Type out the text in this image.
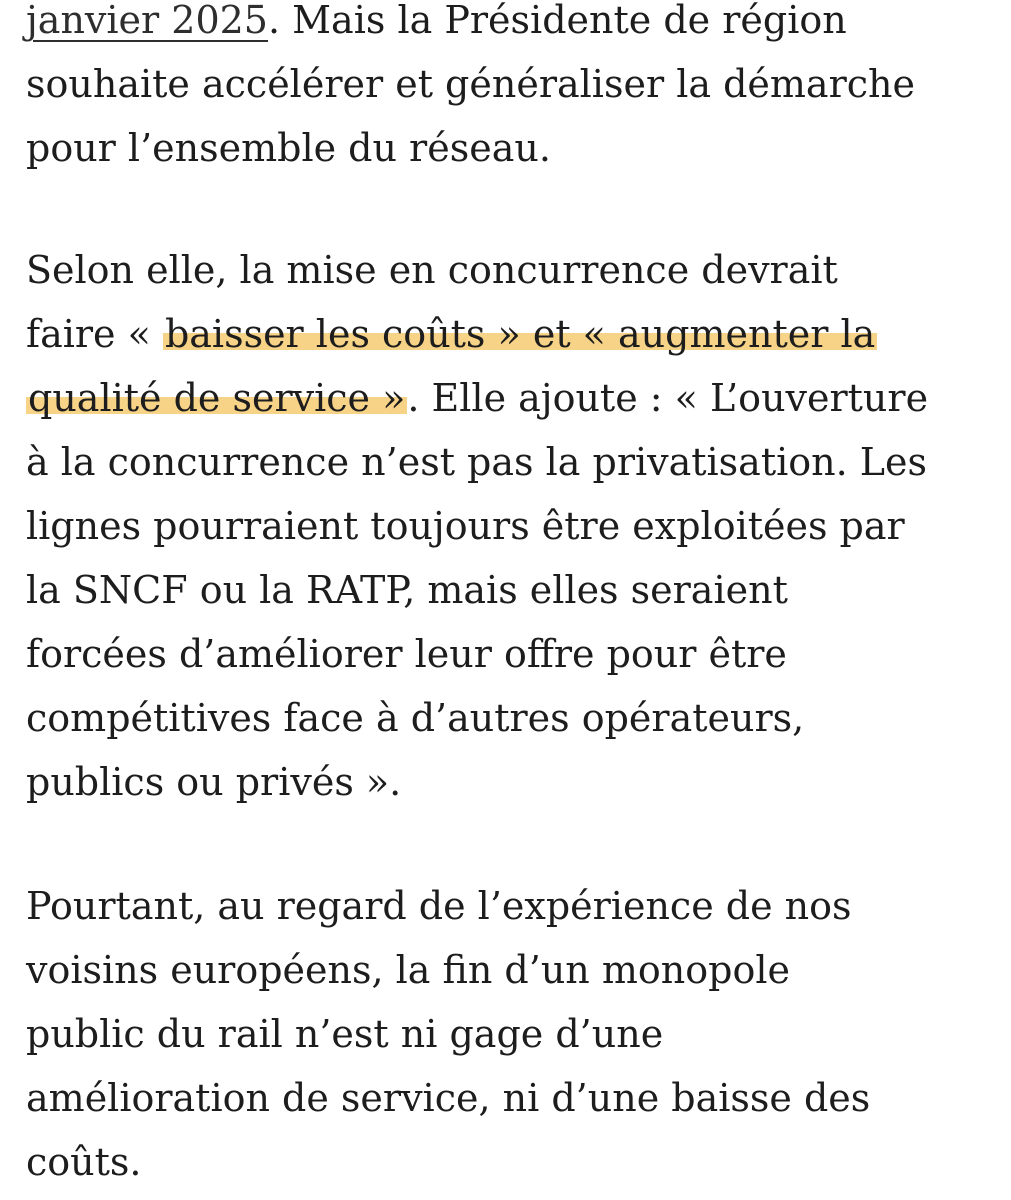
janvier 2025. Mais la Présidente de région
souhaite accélérer et généraliser la démarche
pour l’ensemble du réseau.

Selon elle, la mise en concurrence devrait
faire « baisser les coûts » et « augmenter la
qualité de service ». Elle ajoute : « L’ouverture
à la concurrence n’est pas la privatisation. Les
lignes pourraient toujours être exploitées par
la SNCF ou la RATP, mais elles seraient
forcées d’améliorer leur offre pour être
compétitives face à d’autres opérateurs,
publics ou privés ».

Pourtant, au regard de l’expérience de nos
voisins européens, la fin d’un monopole
public du rail n’est ni gage d’une
amélioration de service, ni d’une baisse des
coûts.
